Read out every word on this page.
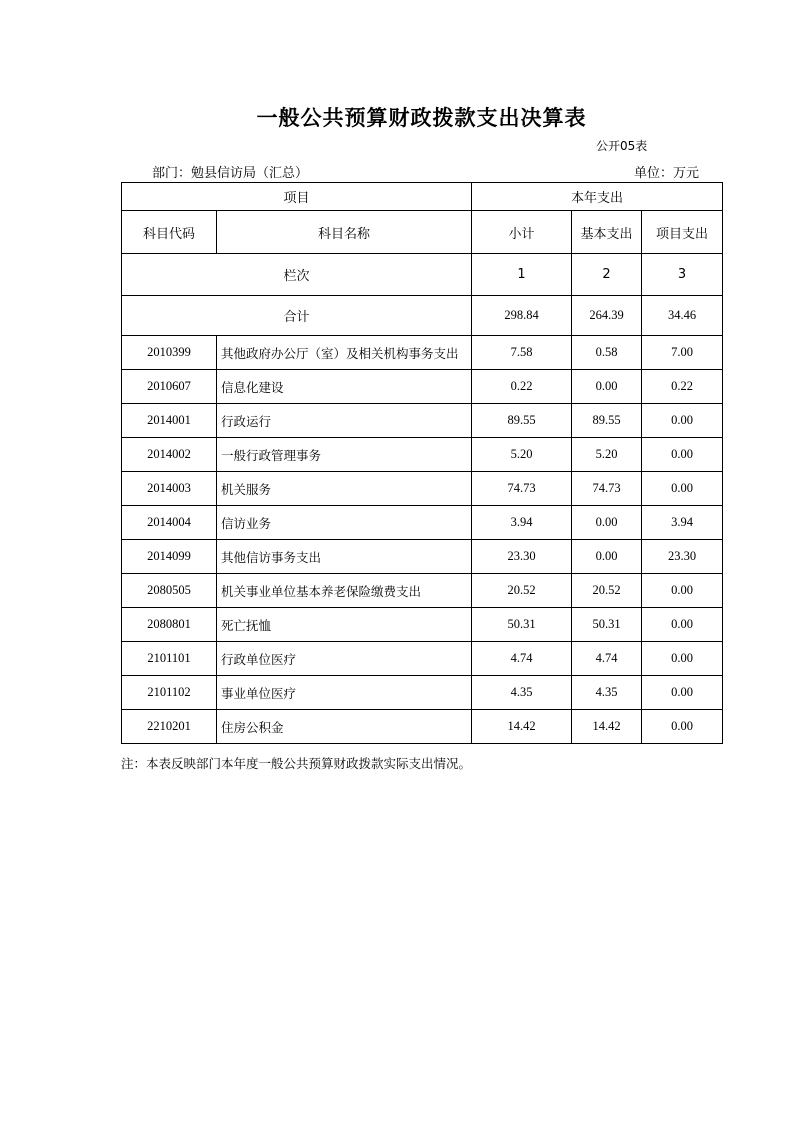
一般公共预算财政拨款支出决算表
公开05表
部门：勉县信访局（汇总）	单位：万元
项目		本年支出		
科目代码	科目名称	小计	基本支出	项目支出
栏次		1	2	3
合计		298.84	264.39	34.46
2010399	其他政府办公厅（室）及相关机构事务支出	7.58	0.58	7.00
2010607	信息化建设	0.22	0.00	0.22
2014001	行政运行	89.55	89.55	0.00
2014002	一般行政管理事务	5.20	5.20	0.00
2014003	机关服务	74.73	74.73	0.00
2014004	信访业务	3.94	0.00	3.94
2014099	其他信访事务支出	23.30	0.00	23.30
2080505	机关事业单位基本养老保险缴费支出	20.52	20.52	0.00
2080801	死亡抚恤	50.31	50.31	0.00
2101101	行政单位医疗	4.74	4.74	0.00
2101102	事业单位医疗	4.35	4.35	0.00
2210201	住房公积金	14.42	14.42	0.00
注：本表反映部门本年度一般公共预算财政拨款实际支出情况。
